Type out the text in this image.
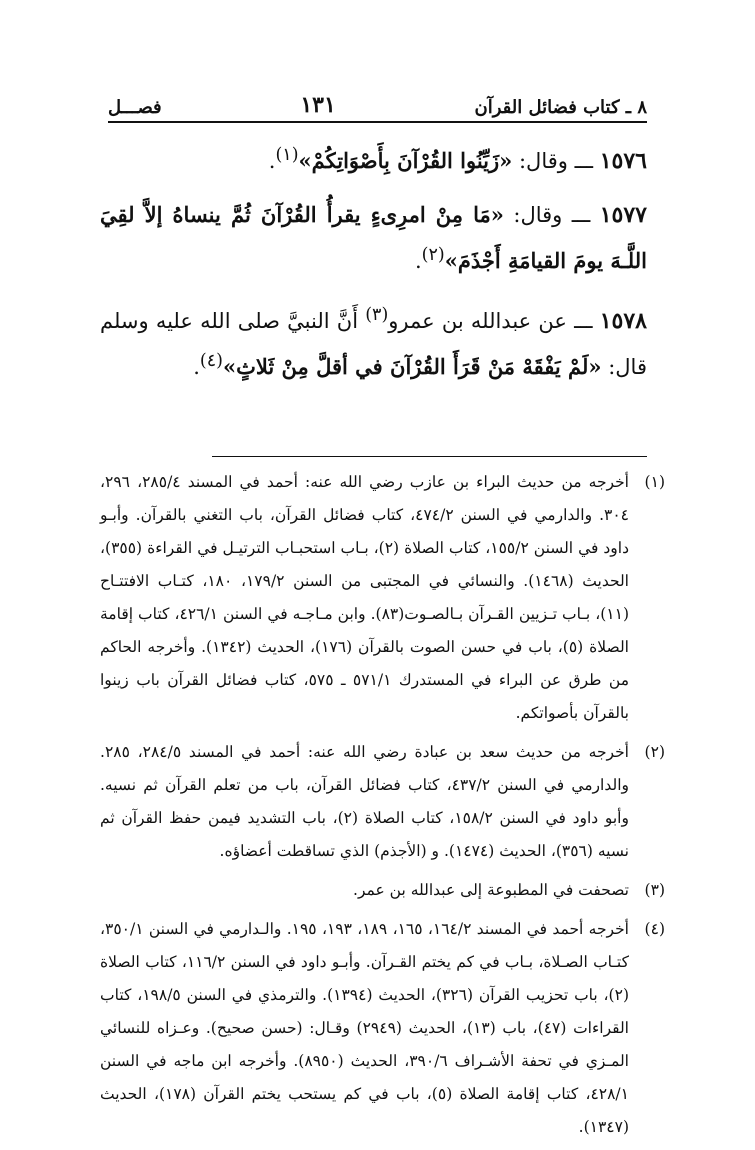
٨ ـ كتاب فضائل القرآن
١٣١
فصـــل

١٥٧٦ ـــ وقال: «زَيِّنُوا القُرْآنَ بِأَصْوَاتِكُمْ»$^{(١)}$.

١٥٧٧ ـــ وقال: «مَا مِنْ امرِىءٍ يقرأُ القُرْآنَ ثُمَّ ينساهُ إلاَّ لقِيَ اللَّـهَ يومَ القيامَةِ أَجْذَمَ»$^{(٢)}$.

١٥٧٨ ـــ عن عبدالله بن عمرو$^{(٣)}$ أَنَّ النبيَّ صلى الله عليه وسلم قال: «لَمْ يَفْقَهْ مَنْ قَرَأَ القُرْآنَ في أقلَّ مِنْ ثَلاثٍ»$^{(٤)}$.

(١)
أخرجه من حديث البراء بن عازب رضي الله عنه: أحمد في المسند ٢٨٥/٤، ٢٩٦، ٣٠٤. والدارمي في السنن ٤٧٤/٢، كتاب فضائل القرآن، باب التغني بالقرآن. وأبـو داود في السنن ١٥٥/٢، كتاب الصلاة (٢)، بـاب استحبـاب الترتيـل في القراءة (٣٥٥)، الحديث (١٤٦٨). والنسائي في المجتبى من السنن ١٧٩/٢، ١٨٠، كتـاب الافتتـاح (١١)، بـاب تـزيين القـرآن بـالصـوت(٨٣). وابن مـاجـه في السنن ٤٢٦/١، كتاب إقامة الصلاة (٥)، باب في حسن الصوت بالقرآن (١٧٦)، الحديث (١٣٤٢). وأخرجه الحاكم من طرق عن البراء في المستدرك ٥٧١/١ ـ ٥٧٥، كتاب فضائل القرآن باب زينوا بالقرآن بأصواتكم.
(٢)
أخرجه من حديث سعد بن عبادة رضي الله عنه: أحمد في المسند ٢٨٤/٥، ٢٨٥. والدارمي في السنن ٤٣٧/٢، كتاب فضائل القرآن، باب من تعلم القرآن ثم نسيه. وأبو داود في السنن ١٥٨/٢، كتاب الصلاة (٢)، باب التشديد فيمن حفظ القرآن ثم نسيه (٣٥٦)، الحديث (١٤٧٤). و (الأجذم) الذي تساقطت أعضاؤه.
(٣)
تصحفت في المطبوعة إلى عبدالله بن عمر.
(٤)
أخرجه أحمد في المسند ١٦٤/٢، ١٦٥، ١٨٩، ١٩٣، ١٩٥. والـدارمي في السنن ٣٥٠/١، كتـاب الصـلاة، بـاب في كم يختم القـرآن. وأبـو داود في السنن ١١٦/٢، كتاب الصلاة (٢)، باب تحزيب القرآن (٣٢٦)، الحديث (١٣٩٤). والترمذي في السنن ١٩٨/٥، كتاب القراءات (٤٧)، باب (١٣)، الحديث (٢٩٤٩) وقـال: (حسن صحيح). وعـزاه للنسائي المـزي في تحفة الأشـراف ٣٩٠/٦، الحديث (٨٩٥٠). وأخرجه ابن ماجه في السنن ٤٢٨/١، كتاب إقامة الصلاة (٥)، باب في كم يستحب يختم القرآن (١٧٨)، الحديث (١٣٤٧).
